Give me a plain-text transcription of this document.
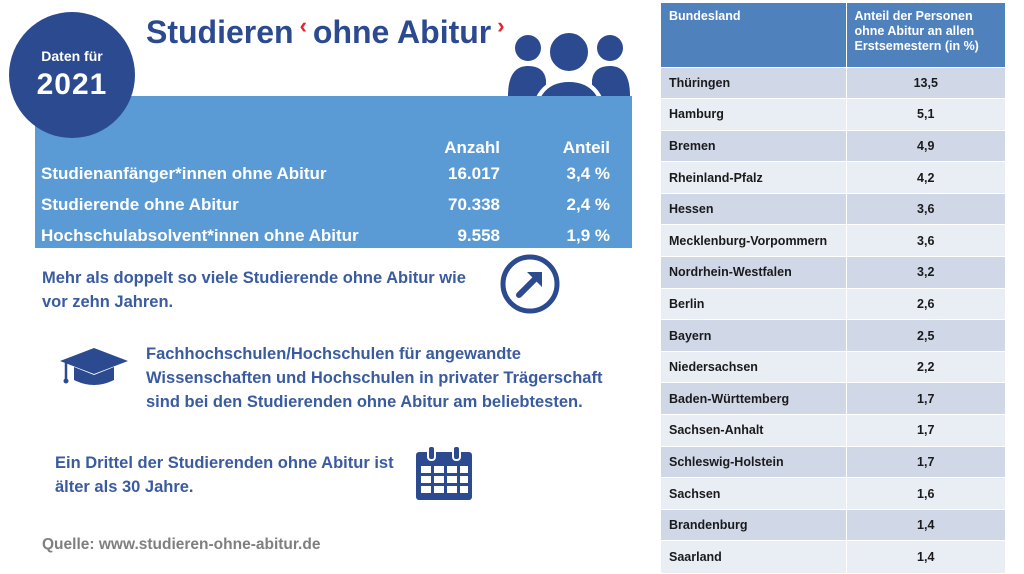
Daten für
2021
Studieren ‹ ohne Abitur ›
Anzahl	Anteil
Studienanfänger*innen ohne Abitur	16.017	3,4 %
Studierende ohne Abitur	70.338	2,4 %
Hochschulabsolvent*innen ohne Abitur	9.558	1,9 %

Mehr als doppelt so viele Studierende ohne Abitur wie vor zehn Jahren.

Fachhochschulen/Hochschulen für angewandte Wissenschaften und Hochschulen in privater Trägerschaft sind bei den Studierenden ohne Abitur am beliebtesten.

Ein Drittel der Studierenden ohne Abitur ist älter als 30 Jahre.

Quelle: www.studieren-ohne-abitur.de

Bundesland	Anteil der Personen ohne Abitur an allen Erstsemestern (in %)
Thüringen	13,5
Hamburg	5,1
Bremen	4,9
Rheinland-Pfalz	4,2
Hessen	3,6
Mecklenburg-Vorpommern	3,6
Nordrhein-Westfalen	3,2
Berlin	2,6
Bayern	2,5
Niedersachsen	2,2
Baden-Württemberg	1,7
Sachsen-Anhalt	1,7
Schleswig-Holstein	1,7
Sachsen	1,6
Brandenburg	1,4
Saarland	1,4
